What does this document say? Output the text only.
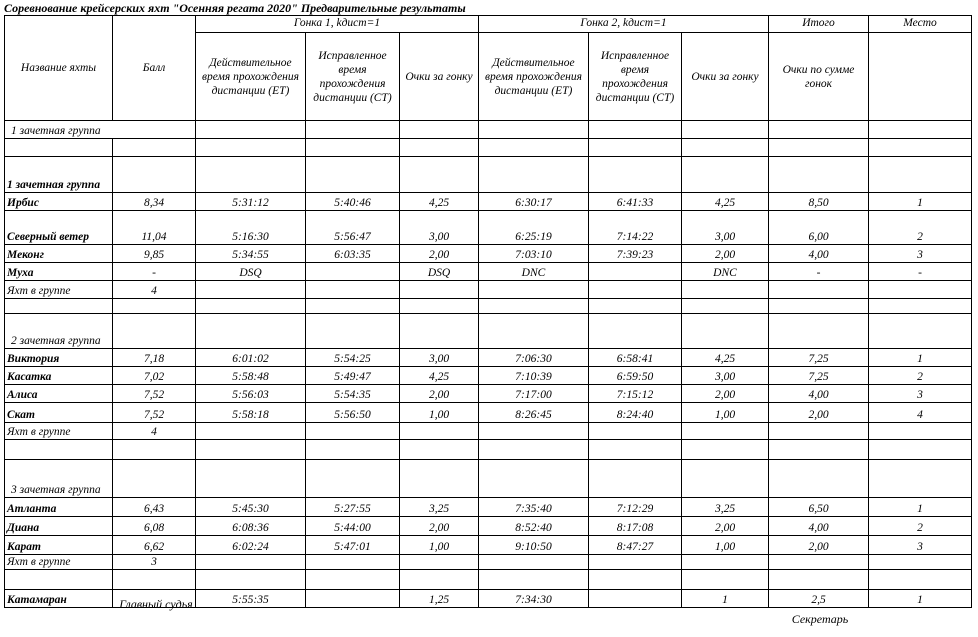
Соревнование крейсерских яхт "Осенняя регата 2020" Предварительные результаты
Название яхты	Балл	Гонка 1, kдист=1			Гонка 2, kдист=1			Итого	Место
		Действительное время прохождения дистанции (ET)	Исправленное время прохождения дистанции (CT)	Очки за гонку	Действительное время прохождения дистанции (ET)	Исправленное время прохождения дистанции (CT)	Очки за гонку	Очки по сумме гонок	
1 зачетная группа									

1 зачетная группа									
Ирбис	8,34	5:31:12	5:40:46	4,25	6:30:17	6:41:33	4,25	8,50	1
Северный ветер	11,04	5:16:30	5:56:47	3,00	6:25:19	7:14:22	3,00	6,00	2
Меконг	9,85	5:34:55	6:03:35	2,00	7:03:10	7:39:23	2,00	4,00	3
Муха	-	DSQ		DSQ	DNC		DNC	-	-
Яхт в группе	4								

2 зачетная группа									
Виктория	7,18	6:01:02	5:54:25	3,00	7:06:30	6:58:41	4,25	7,25	1
Касатка	7,02	5:58:48	5:49:47	4,25	7:10:39	6:59:50	3,00	7,25	2
Алиса	7,52	5:56:03	5:54:35	2,00	7:17:00	7:15:12	2,00	4,00	3
Скат	7,52	5:58:18	5:56:50	1,00	8:26:45	8:24:40	1,00	2,00	4
Яхт в группе	4								

3 зачетная группа									
Атланта	6,43	5:45:30	5:27:55	3,25	7:35:40	7:12:29	3,25	6,50	1
Диана	6,08	6:08:36	5:44:00	2,00	8:52:40	8:17:08	2,00	4,00	2
Карат	6,62	6:02:24	5:47:01	1,00	9:10:50	8:47:27	1,00	2,00	3
Яхт в группе	3								

Катамаран		5:55:35		1,25	7:34:30		1	2,5	1
Главный судья
Секретарь
